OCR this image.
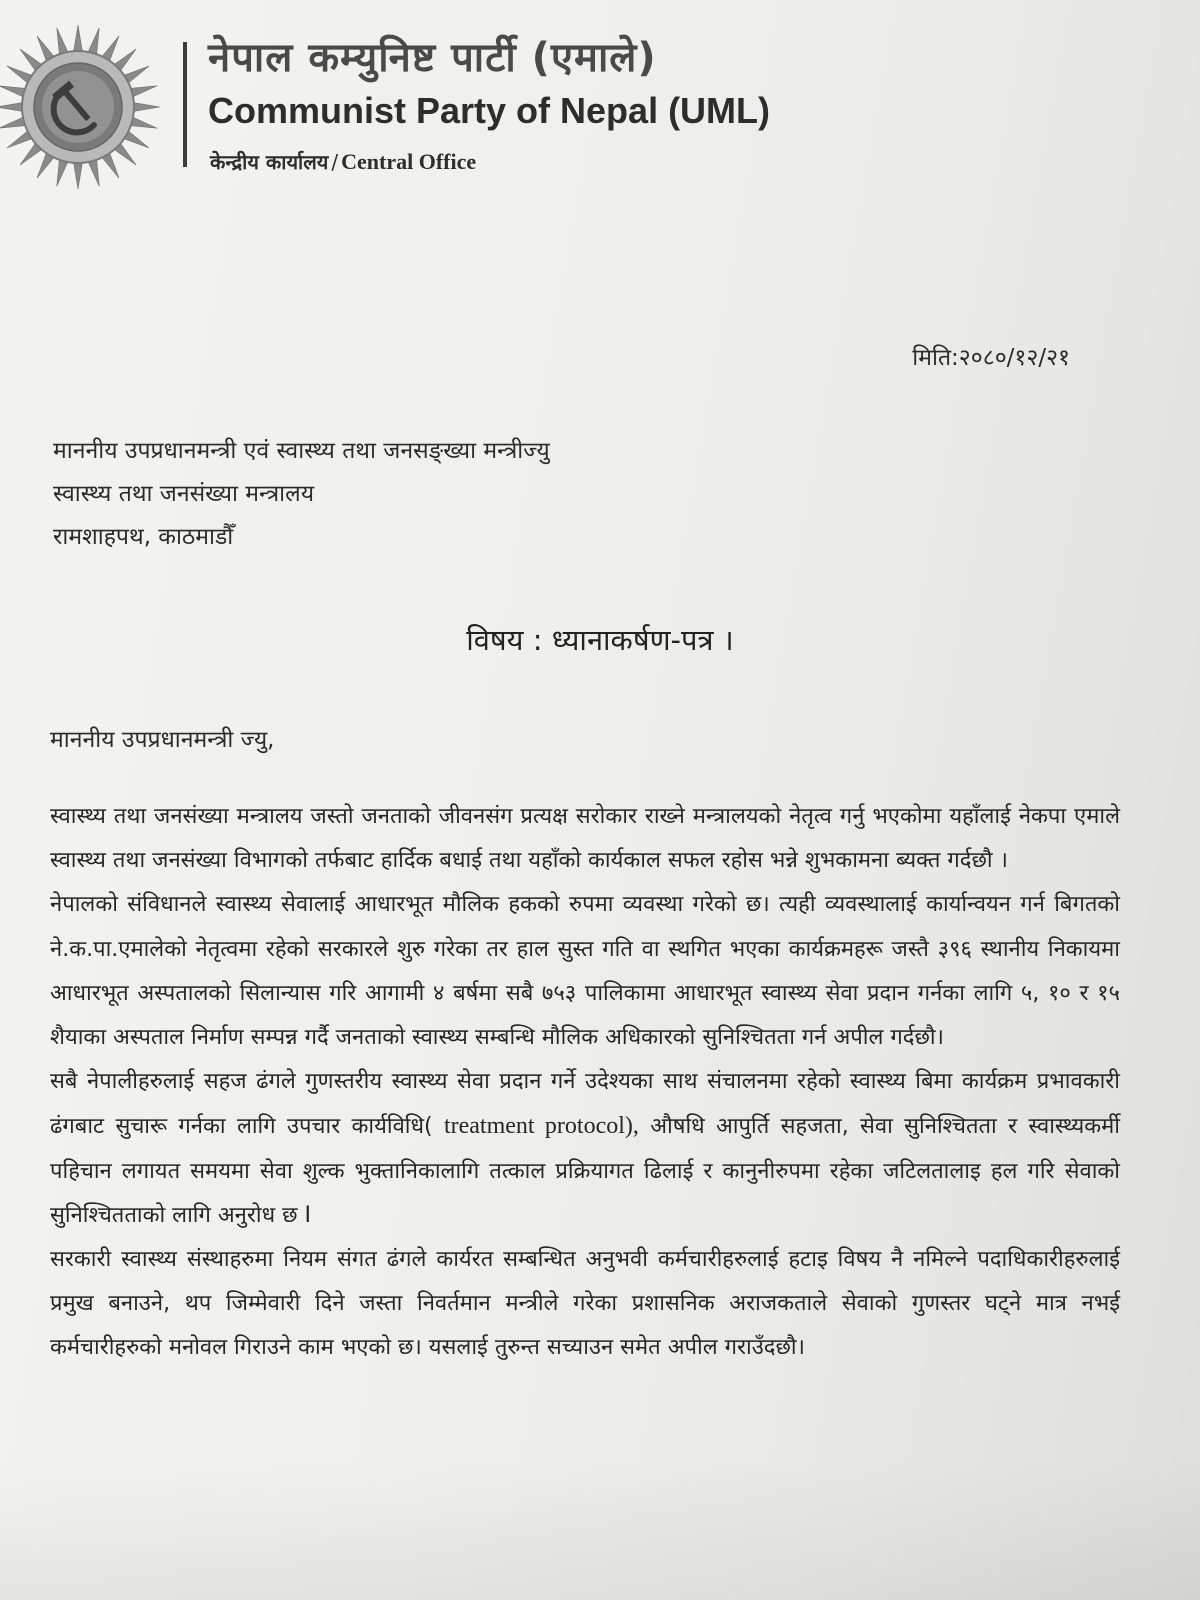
नेपाल कम्युनिष्ट पार्टी (एमाले)
Communist Party of Nepal (UML)
केन्द्रीय कार्यालय / Central Office
मिति:२०८०/१२/२१
माननीय उपप्रधानमन्त्री एवं स्वास्थ्य तथा जनसङ्ख्या मन्त्रीज्यु
स्वास्थ्य तथा जनसंख्या मन्त्रालय
रामशाहपथ, काठमाडौँ
विषय : ध्यानाकर्षण-पत्र ।
माननीय उपप्रधानमन्त्री ज्यु,

स्वास्थ्य तथा जनसंख्या मन्त्रालय जस्तो जनताको जीवनसंग प्रत्यक्ष सरोकार राख्ने मन्त्रालयको नेतृत्व गर्नु भएकोमा यहाँलाई नेकपा एमाले स्वास्थ्य तथा जनसंख्या विभागको तर्फबाट हार्दिक बधाई तथा यहाँको कार्यकाल सफल रहोस भन्ने शुभकामना ब्यक्त गर्दछौ ।

नेपालको संविधानले स्वास्थ्य सेवालाई आधारभूत मौलिक हकको रुपमा व्यवस्था गरेको छ। त्यही व्यवस्थालाई कार्यान्वयन गर्न बिगतको ने.क.पा.एमालेको नेतृत्वमा रहेको सरकारले शुरु गरेका तर हाल सुस्त गति वा स्थगित भएका कार्यक्रमहरू जस्तै ३९६ स्थानीय निकायमा आधारभूत अस्पतालको सिलान्यास गरि आगामी ४ बर्षमा सबै ७५३ पालिकामा आधारभूत स्वास्थ्य सेवा प्रदान गर्नका लागि ५, १० र १५ शैयाका अस्पताल निर्माण सम्पन्न गर्दै जनताको स्वास्थ्य सम्बन्धि मौलिक अधिकारको सुनिश्चितता गर्न अपील गर्दछौ।

सबै नेपालीहरुलाई सहज ढंगले गुणस्तरीय स्वास्थ्य सेवा प्रदान गर्ने उदेश्यका साथ संचालनमा रहेको स्वास्थ्य बिमा कार्यक्रम प्रभावकारी ढंगबाट सुचारू गर्नका लागि उपचार कार्यविधि( treatment protocol), औषधि आपुर्ति सहजता, सेवा सुनिश्चितता र स्वास्थ्यकर्मी पहिचान लगायत समयमा सेवा शुल्क भुक्तानिकालागि तत्काल प्रक्रियागत ढिलाई र कानुनीरुपमा रहेका जटिलतालाइ हल गरि सेवाको सुनिश्चितताको लागि अनुरोध छ I

सरकारी स्वास्थ्य संस्थाहरुमा नियम संगत ढंगले कार्यरत सम्बन्धित अनुभवी कर्मचारीहरुलाई हटाइ विषय नै नमिल्ने पदाधिकारीहरुलाई प्रमुख बनाउने, थप जिम्मेवारी दिने जस्ता निवर्तमान मन्त्रीले गरेका प्रशासनिक अराजकताले सेवाको गुणस्तर घट्ने मात्र नभई कर्मचारीहरुको मनोवल गिराउने काम भएको छ। यसलाई तुरुन्त सच्याउन समेत अपील गराउँदछौ।
